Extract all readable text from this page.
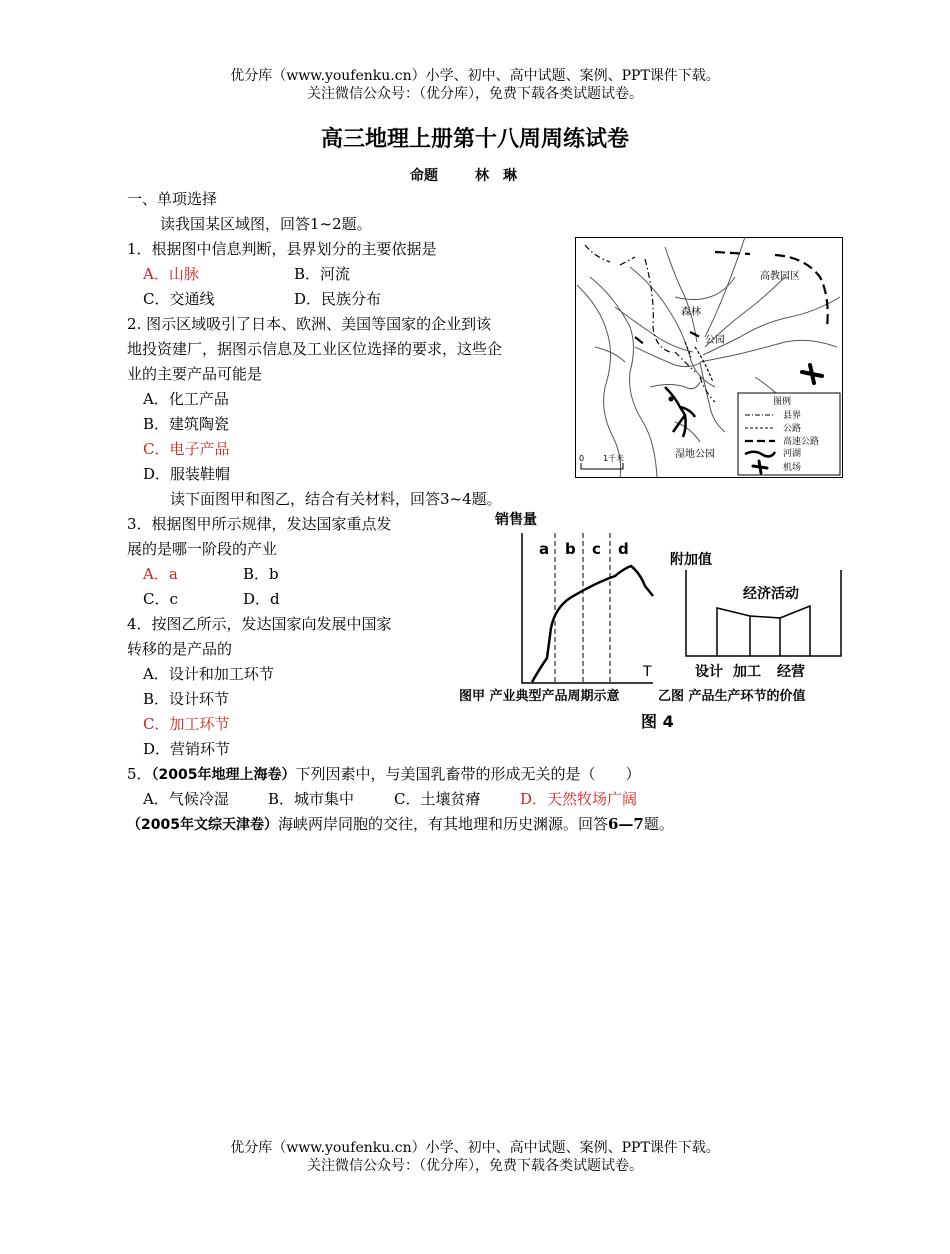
优分库（www.youfenku.cn）小学、初中、高中试题、案例、PPT课件下载。
关注微信公众号：（优分库），免费下载各类试题试卷。
高三地理上册第十八周周练试卷
命题	林　琳
一、单项选择
读我国某区域图，回答1~2题。
1．根据图中信息判断，县界划分的主要依据是
A．山脉	B．河流
C．交通线	D．民族分布
2. 图示区域吸引了日本、欧洲、美国等国家的企业到该
地投资建厂，据图示信息及工业区位选择的要求，这些企
业的主要产品可能是
A．化工产品
B．建筑陶瓷
C．电子产品
D．服装鞋帽
读下面图甲和图乙，结合有关材料，回答3~4题。
3．根据图甲所示规律，发达国家重点发
展的是哪一阶段的产业
A．a	B．b
C．c	D．d
4．按图乙所示，发达国家向发展中国家
转移的是产品的
A．设计和加工环节
B．设计环节
C．加工环节
D．营销环节
5．（2005年地理上海卷）下列因素中，与美国乳畜带的形成无关的是（　　）
A．气候冷湿	B．城市集中	C．土壤贫瘠	D．天然牧场广阔
（2005年文综天津卷）海峡两岸同胞的交往，有其地理和历史渊源。回答6—7题。
高教园区
森林
公园
湿地公园
0 1千米
图例
县界
公路
高速公路
河湖
机场
销售量
T
a b c d
图甲 产业典型产品周期示意
附加值
经济活动
设计 加工 经营
乙图 产品生产环节的价值
图 4
优分库（www.youfenku.cn）小学、初中、高中试题、案例、PPT课件下载。
关注微信公众号：（优分库），免费下载各类试题试卷。
